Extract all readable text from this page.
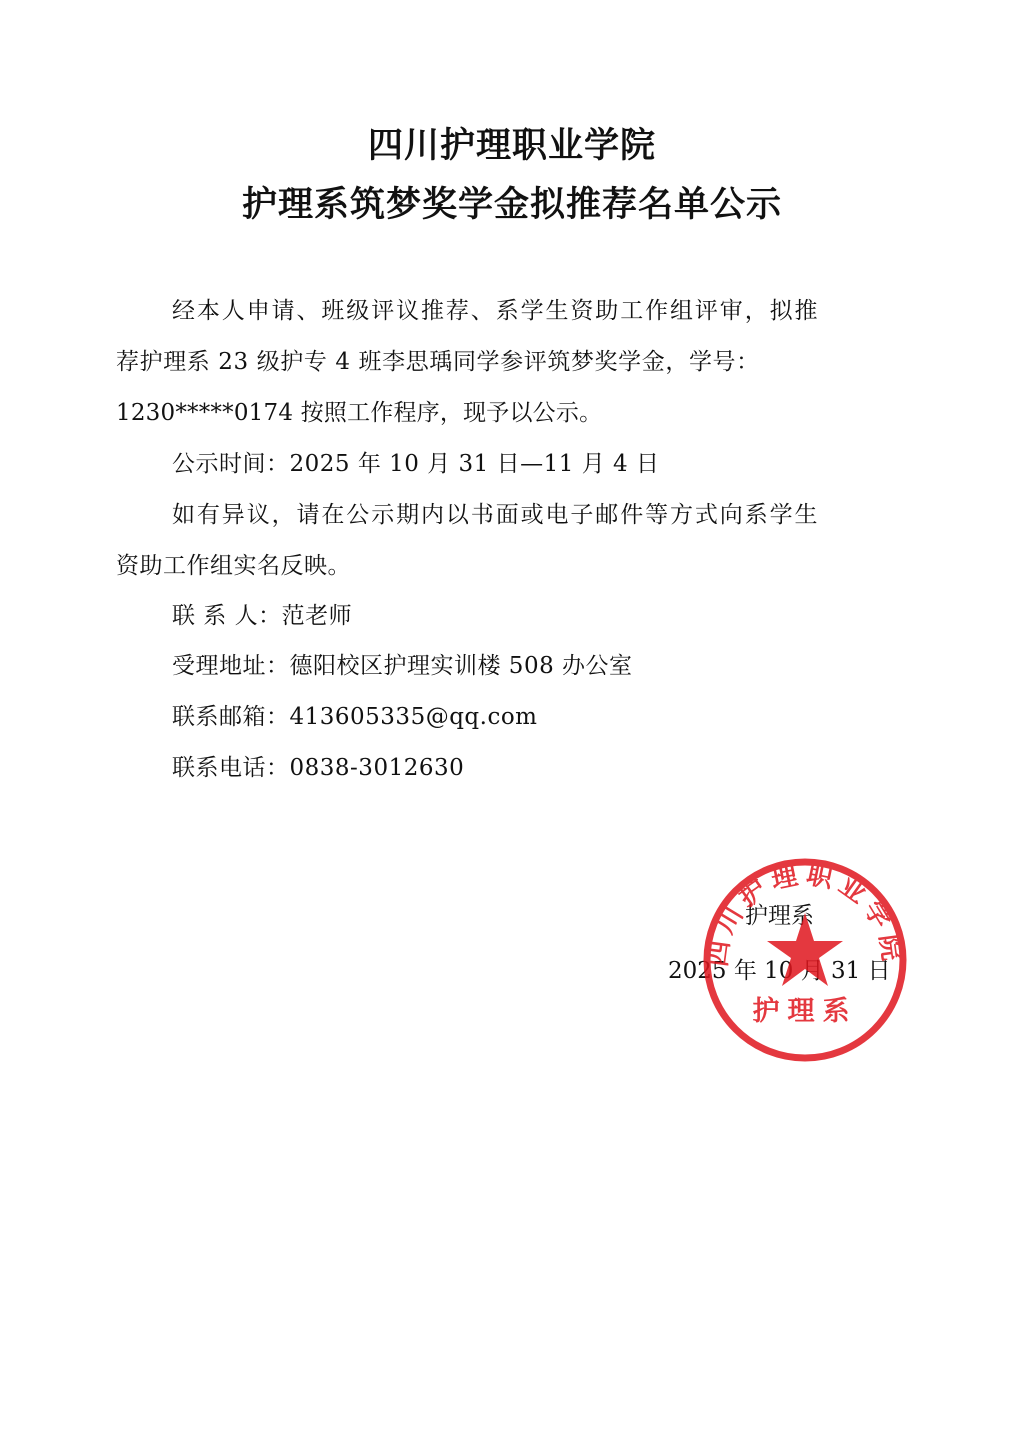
四川护理职业学院
护理系筑梦奖学金拟推荐名单公示
经本人申请、班级评议推荐、系学生资助工作组评审，拟推
荐护理系 23 级护专 4 班李思瑀同学参评筑梦奖学金，学号：
1230*****0174 按照工作程序，现予以公示。
公示时间：2025 年 10 月 31 日—11 月 4 日
如有异议，请在公示期内以书面或电子邮件等方式向系学生
资助工作组实名反映。
联 系 人：范老师
受理地址：德阳校区护理实训楼 508 办公室
联系邮箱：413605335@qq.com
联系电话：0838-3012630
护理系
2025 年 10 月 31 日
四川护理职业学院
护理系
